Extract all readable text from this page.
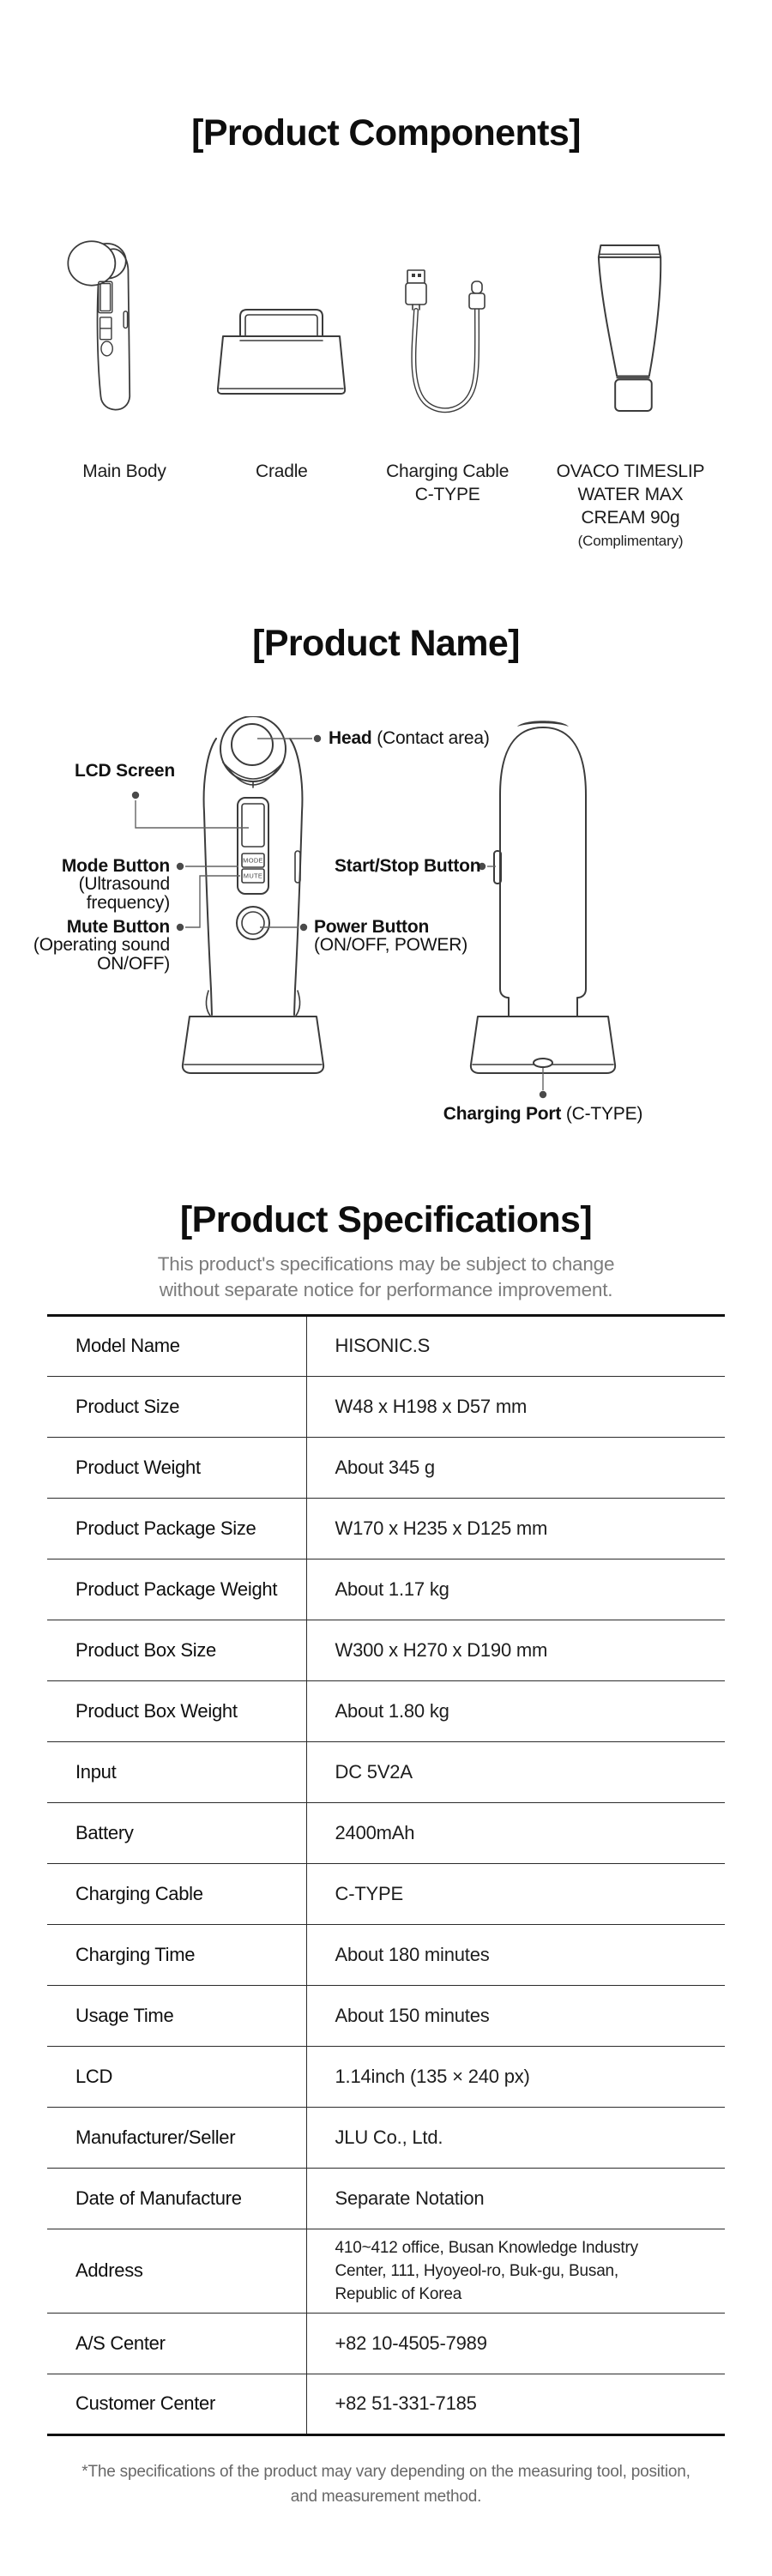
[Product Components]
Main Body	Cradle	Charging Cable
C-TYPE
OVACO TIMESLIP
WATER MAX
CREAM 90g
(Complimentary)
[Product Name]
MODE
MUTE
Head (Contact area)
LCD Screen
Mode Button
(Ultrasound
frequency)
Mute Button
(Operating sound
ON/OFF)
Power Button
(ON/OFF, POWER)
Start/Stop Button
Charging Port (C-TYPE)
[Product Specifications]

This product's specifications may be subject to change
without separate notice for performance improvement.

Model Name	HISONIC.S
Product Size	W48 x H198 x D57 mm
Product Weight	About 345 g
Product Package Size	W170 x H235 x D125 mm
Product Package Weight	About 1.17 kg
Product Box Size	W300 x H270 x D190 mm
Product Box Weight	About 1.80 kg
Input	DC 5V2A
Battery	2400mAh
Charging Cable	C-TYPE
Charging Time	About 180 minutes
Usage Time	About 150 minutes
LCD	1.14inch (135 × 240 px)
Manufacturer/Seller	JLU Co., Ltd.
Date of Manufacture	Separate Notation
Address	410~412 office, Busan Knowledge Industry Center, 111, Hyoyeol-ro, Buk-gu, Busan, Republic of Korea

A/S Center	+82 10-4505-7989
Customer Center	+82 51-331-7185

*The specifications of the product may vary depending on the measuring tool, position,
and measurement method.
